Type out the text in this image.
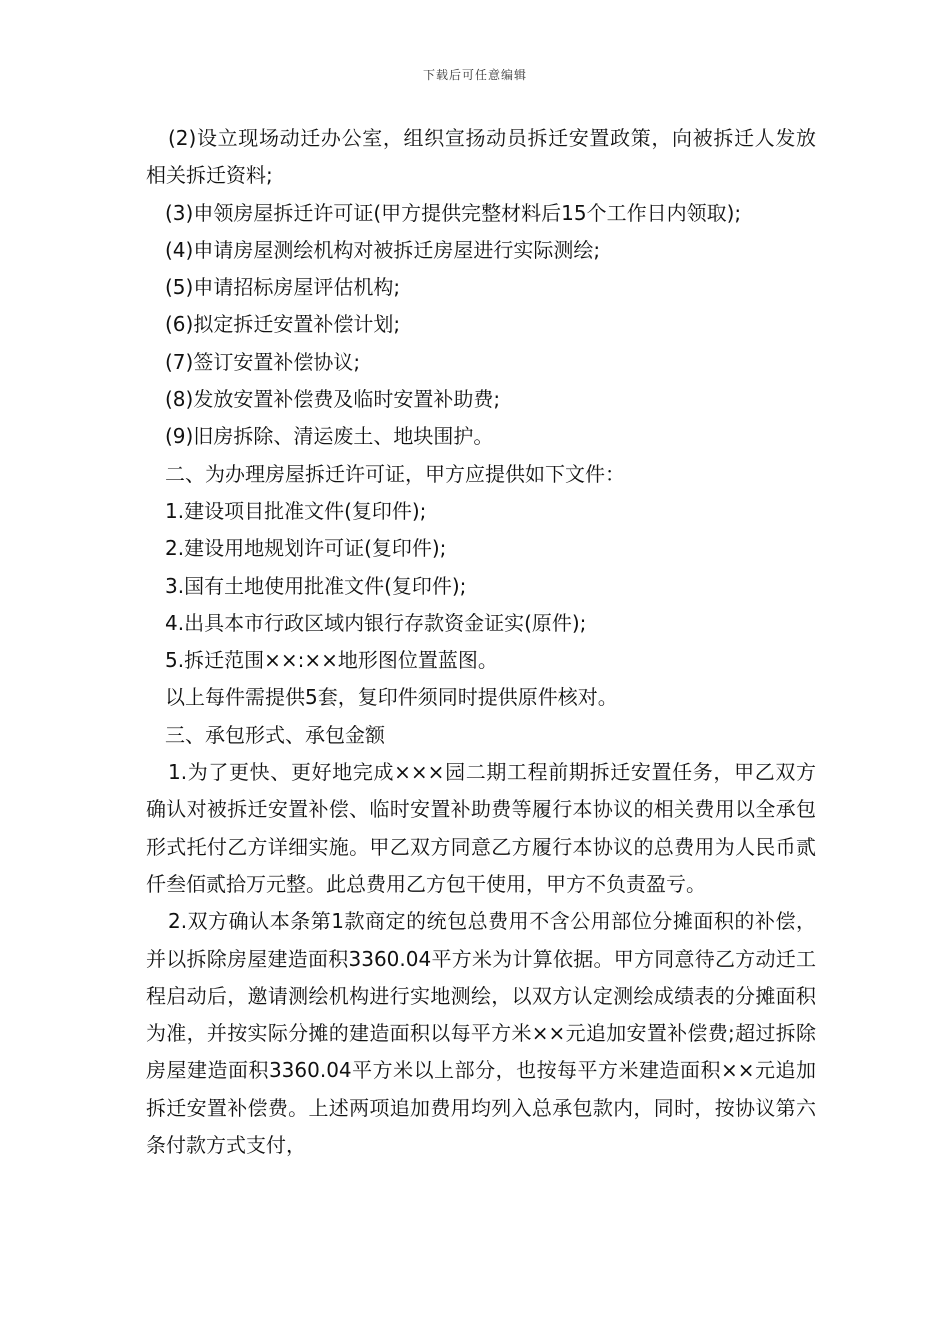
下载后可任意编辑

(2)设立现场动迁办公室，组织宣扬动员拆迁安置政策，向被拆迁人发放相关拆迁资料;

(3)申领房屋拆迁许可证(甲方提供完整材料后15个工作日内领取);

(4)申请房屋测绘机构对被拆迁房屋进行实际测绘;

(5)申请招标房屋评估机构;

(6)拟定拆迁安置补偿计划;

(7)签订安置补偿协议;

(8)发放安置补偿费及临时安置补助费;

(9)旧房拆除、清运废土、地块围护。

二、为办理房屋拆迁许可证，甲方应提供如下文件：

1.建设项目批准文件(复印件);

2.建设用地规划许可证(复印件);

3.国有土地使用批准文件(复印件);

4.出具本市行政区域内银行存款资金证实(原件);

5.拆迁范围××:××地形图位置蓝图。

以上每件需提供5套，复印件须同时提供原件核对。

三、承包形式、承包金额

1.为了更快、更好地完成×××园二期工程前期拆迁安置任务，甲乙双方确认对被拆迁安置补偿、临时安置补助费等履行本协议的相关费用以全承包形式托付乙方详细实施。甲乙双方同意乙方履行本协议的总费用为人民币贰仟叁佰贰拾万元整。此总费用乙方包干使用，甲方不负责盈亏。

2.双方确认本条第1款商定的统包总费用不含公用部位分摊面积的补偿，并以拆除房屋建造面积3360.04平方米为计算依据。甲方同意待乙方动迁工程启动后，邀请测绘机构进行实地测绘，以双方认定测绘成绩表的分摊面积为准，并按实际分摊的建造面积以每平方米××元追加安置补偿费;超过拆除房屋建造面积3360.04平方米以上部分，也按每平方米建造面积××元追加拆迁安置补偿费。上述两项追加费用均列入总承包款内，同时，按协议第六条付款方式支付，
